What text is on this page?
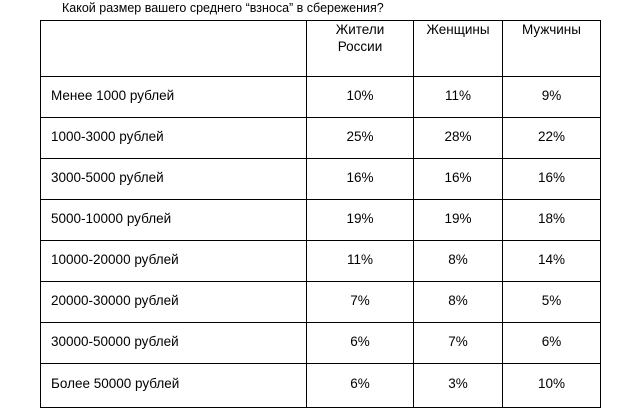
Какой размер вашего среднего “взноса” в сбережения?

	Жители
России	Женщины	Мужчины

Менее 1000 рублей	10%	11%	9%
1000-3000 рублей	25%	28%	22%
3000-5000 рублей	16%	16%	16%
5000-10000 рублей	19%	19%	18%
10000-20000 рублей	11%	8%	14%
20000-30000 рублей	7%	8%	5%
30000-50000 рублей	6%	7%	6%
Более 50000 рублей	6%	3%	10%
